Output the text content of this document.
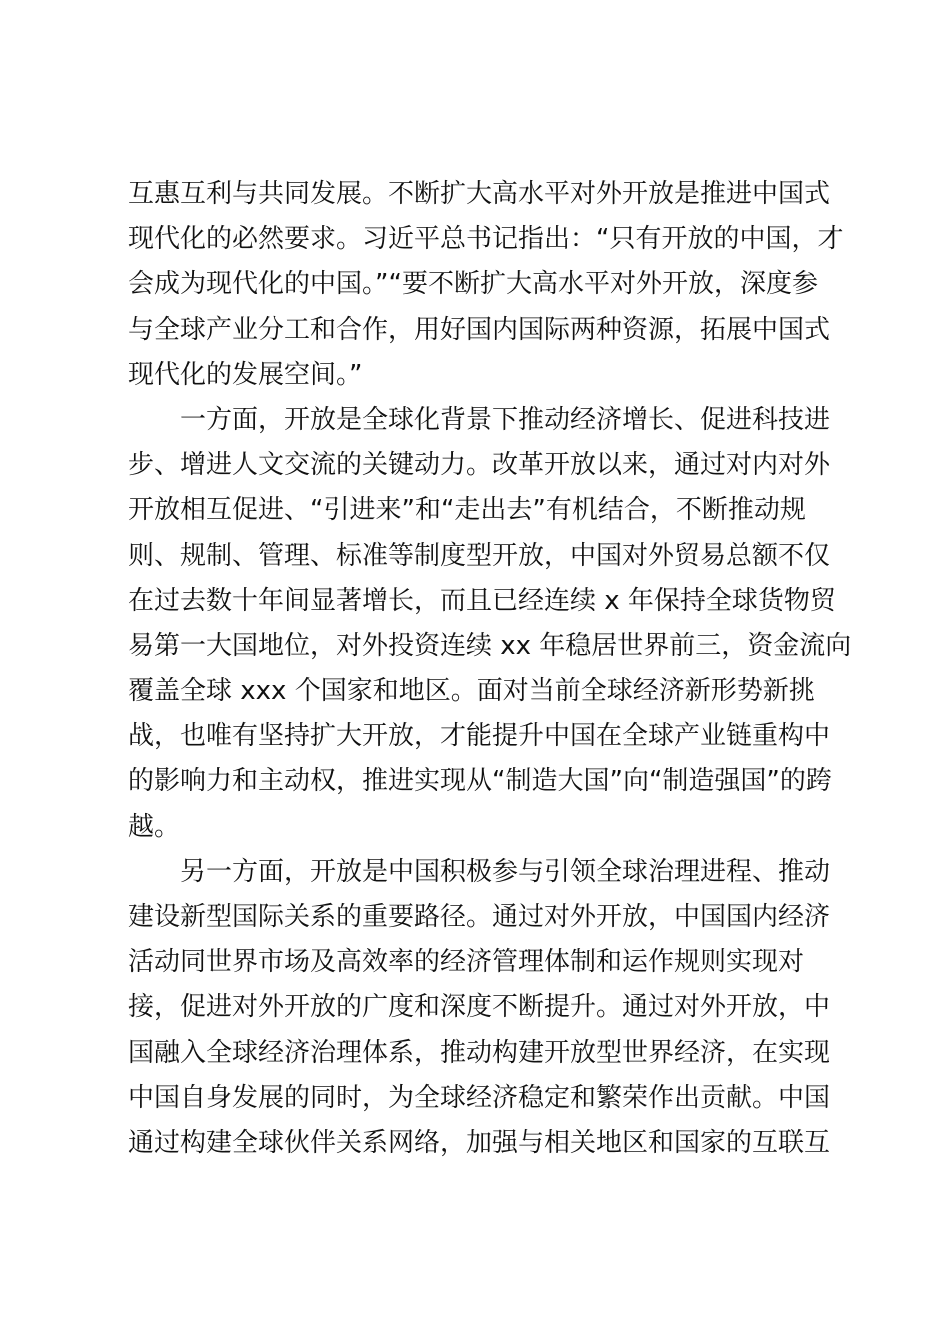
互惠互利与共同发展。不断扩大高水平对外开放是推进中国式
现代化的必然要求。习近平总书记指出：“只有开放的中国，才
会成为现代化的中国。”“要不断扩大高水平对外开放，深度参
与全球产业分工和合作，用好国内国际两种资源，拓展中国式
现代化的发展空间。”
　　一方面，开放是全球化背景下推动经济增长、促进科技进
步、增进人文交流的关键动力。改革开放以来，通过对内对外
开放相互促进、“引进来”和“走出去”有机结合，不断推动规
则、规制、管理、标准等制度型开放，中国对外贸易总额不仅
在过去数十年间显著增长，而且已经连续 x 年保持全球货物贸
易第一大国地位，对外投资连续 xx 年稳居世界前三，资金流向
覆盖全球 xxx 个国家和地区。面对当前全球经济新形势新挑
战，也唯有坚持扩大开放，才能提升中国在全球产业链重构中
的影响力和主动权，推进实现从“制造大国”向“制造强国”的跨
越。
　　另一方面，开放是中国积极参与引领全球治理进程、推动
建设新型国际关系的重要路径。通过对外开放，中国国内经济
活动同世界市场及高效率的经济管理体制和运作规则实现对
接，促进对外开放的广度和深度不断提升。通过对外开放，中
国融入全球经济治理体系，推动构建开放型世界经济，在实现
中国自身发展的同时，为全球经济稳定和繁荣作出贡献。中国
通过构建全球伙伴关系网络，加强与相关地区和国家的互联互
